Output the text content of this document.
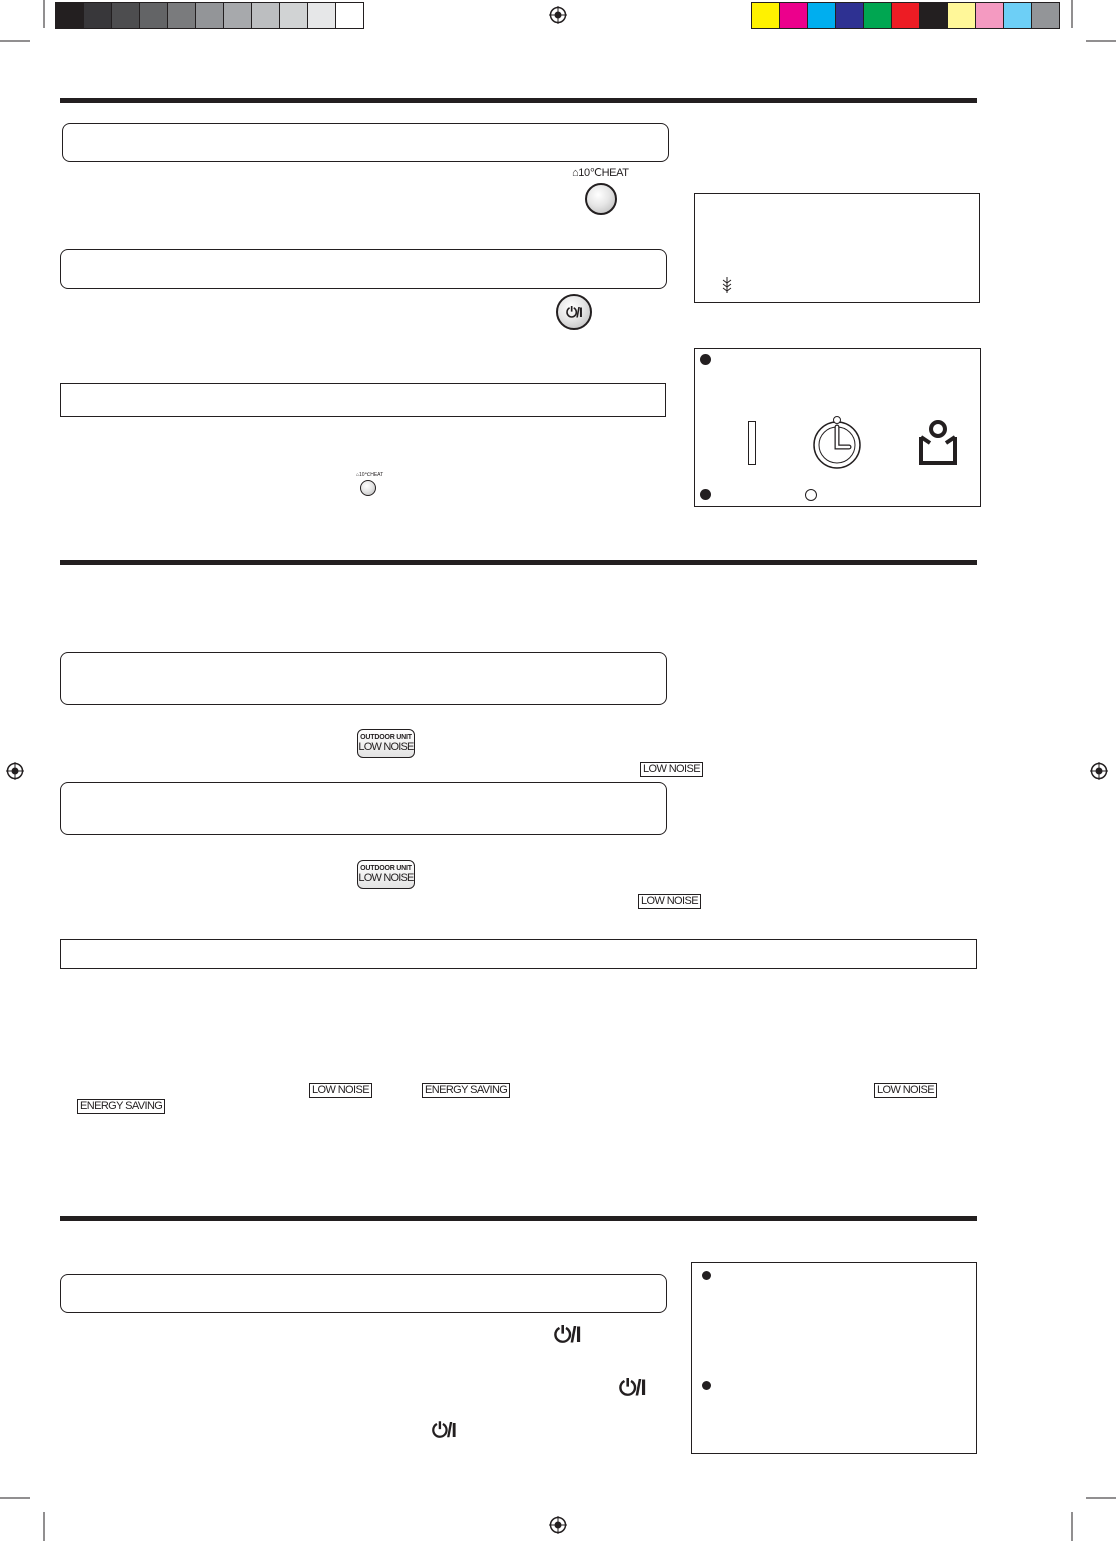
⌂10℃HEAT
⏻/I
⌂10℃HEAT
OUTDOOR UNIT
LOW NOISE
LOW NOISE
OUTDOOR UNIT
LOW NOISE
LOW NOISE
LOW NOISE	ENERGY SAVING	LOW NOISE
ENERGY SAVING
⏻/I
⏻/I
⏻/I
